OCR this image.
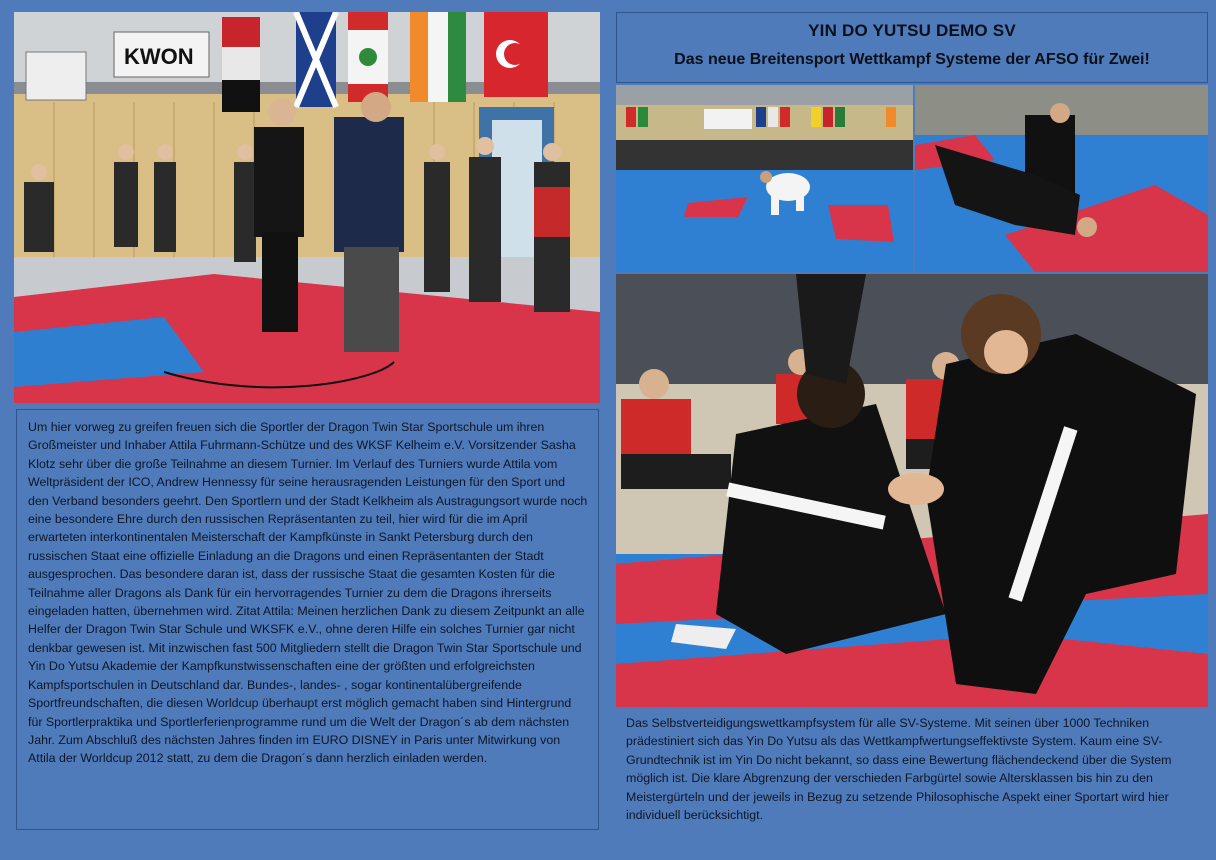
KWON

Um hier vorweg zu greifen freuen sich die Sportler der Dragon Twin Star Sportschule um ihren Großmeister und Inhaber Attila Fuhrmann-Schütze und des WKSF Kelheim e.V. Vorsitzender Sasha Klotz sehr über die große Teilnahme an diesem Turnier. Im Verlauf des Turniers wurde Attila vom Weltpräsident der ICO, Andrew Hennessy für seine herausragenden Leistungen für den Sport und den Verband besonders geehrt. Den Sportlern und der Stadt Kelkheim als Austragungsort wurde noch eine besondere Ehre durch den russischen Repräsentanten zu teil, hier wird für die im April erwarteten interkontinentalen Meisterschaft der Kampfkünste in Sankt Petersburg durch den russischen Staat eine offizielle Einladung an die Dragons und einen Repräsentanten der Stadt ausgesprochen. Das besondere daran ist, dass der russische Staat die gesamten Kosten für die Teilnahme aller Dragons als Dank für ein hervorragendes Turnier zu dem die Dragons ihrerseits eingeladen hatten, übernehmen wird. Zitat Attila: Meinen herzlichen Dank zu diesem Zeitpunkt an alle Helfer der Dragon Twin Star Schule und WKSFK e.V., ohne deren Hilfe ein solches Turnier gar nicht denkbar gewesen ist. Mit inzwischen fast 500 Mitgliedern stellt die Dragon Twin Star Sportschule und Yin Do Yutsu Akademie der Kampfkunstwissenschaften eine der größten und erfolgreichsten Kampfsportschulen in Deutschland dar. Bundes-, landes- , sogar kontinentalübergreifende Sportfreundschaften, die diesen Worldcup überhaupt erst möglich gemacht haben sind Hintergrund für Sportlerpraktika und Sportlerferienprogramme rund um die Welt der Dragon´s ab dem nächsten Jahr. Zum Abschluß des nächsten Jahres finden im EURO DISNEY in Paris unter Mitwirkung von Attila der Worldcup 2012 statt, zu dem die Dragon´s dann herzlich einladen werden.

YIN DO YUTSU DEMO SV
Das neue Breitensport Wettkampf Systeme der AFSO für Zwei!

Das Selbstverteidigungswettkampfsystem für alle SV-Systeme. Mit seinen über 1000 Techniken prädestiniert sich das Yin Do Yutsu als das Wettkampfwertungseffektivste System. Kaum eine SV-Grundtechnik ist im Yin Do nicht bekannt, so dass eine Bewertung flächendeckend über die System möglich ist. Die klare Abgrenzung der verschieden Farbgürtel sowie Altersklassen bis hin zu den Meistergürteln und der jeweils in Bezug zu setzende Philosophische Aspekt einer Sportart wird hier individuell berücksichtigt.
